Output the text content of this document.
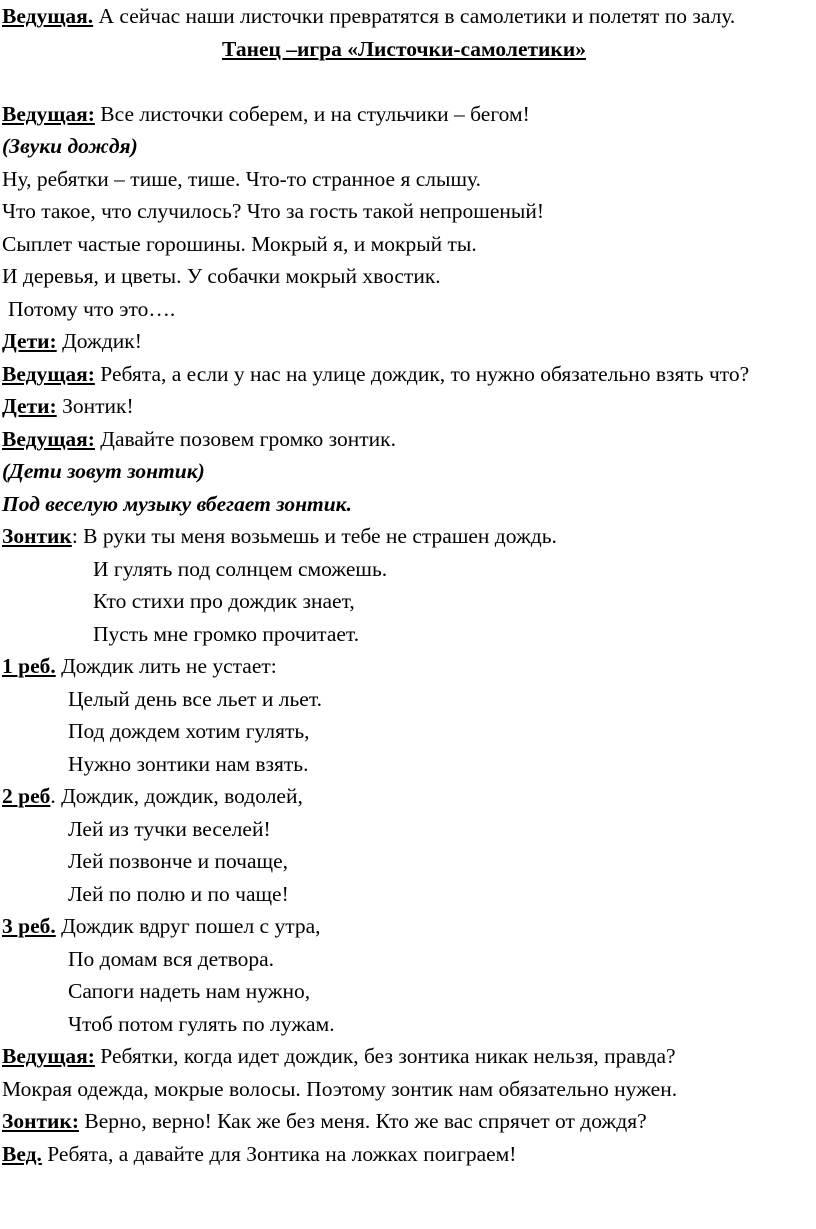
Ведущая. А сейчас наши листочки превратятся в самолетики и полетят по залу.
Танец –игра «Листочки-самолетики»
Ведущая: Все листочки соберем, и на стульчики – бегом!
(Звуки дождя)
Ну, ребятки – тише, тише. Что-то странное я слышу.
Что такое, что случилось? Что за гость такой непрошеный!
Сыплет частые горошины. Мокрый я, и мокрый ты.
И деревья, и цветы. У собачки мокрый хвостик.
Потому что это….
Дети: Дождик!
Ведущая: Ребята, а если у нас на улице дождик, то нужно обязательно взять что?
Дети: Зонтик!
Ведущая: Давайте позовем громко зонтик.
(Дети зовут зонтик)
Под веселую музыку вбегает зонтик.
Зонтик: В руки ты меня возьмешь и тебе не страшен дождь.
И гулять под солнцем сможешь.
Кто стихи про дождик знает,
Пусть мне громко прочитает.
1 реб. Дождик лить не устает:
Целый день все льет и льет.
Под дождем хотим гулять,
Нужно зонтики нам взять.
2 реб. Дождик, дождик, водолей,
Лей из тучки веселей!
Лей позвонче и почаще,
Лей по полю и по чаще!
3 реб. Дождик вдруг пошел с утра,
По домам вся детвора.
Сапоги надеть нам нужно,
Чтоб потом гулять по лужам.
Ведущая: Ребятки, когда идет дождик, без зонтика никак нельзя, правда?
Мокрая одежда, мокрые волосы. Поэтому зонтик нам обязательно нужен.
Зонтик: Верно, верно! Как же без меня. Кто же вас спрячет от дождя?
Вед. Ребята, а давайте для Зонтика на ложках поиграем!
